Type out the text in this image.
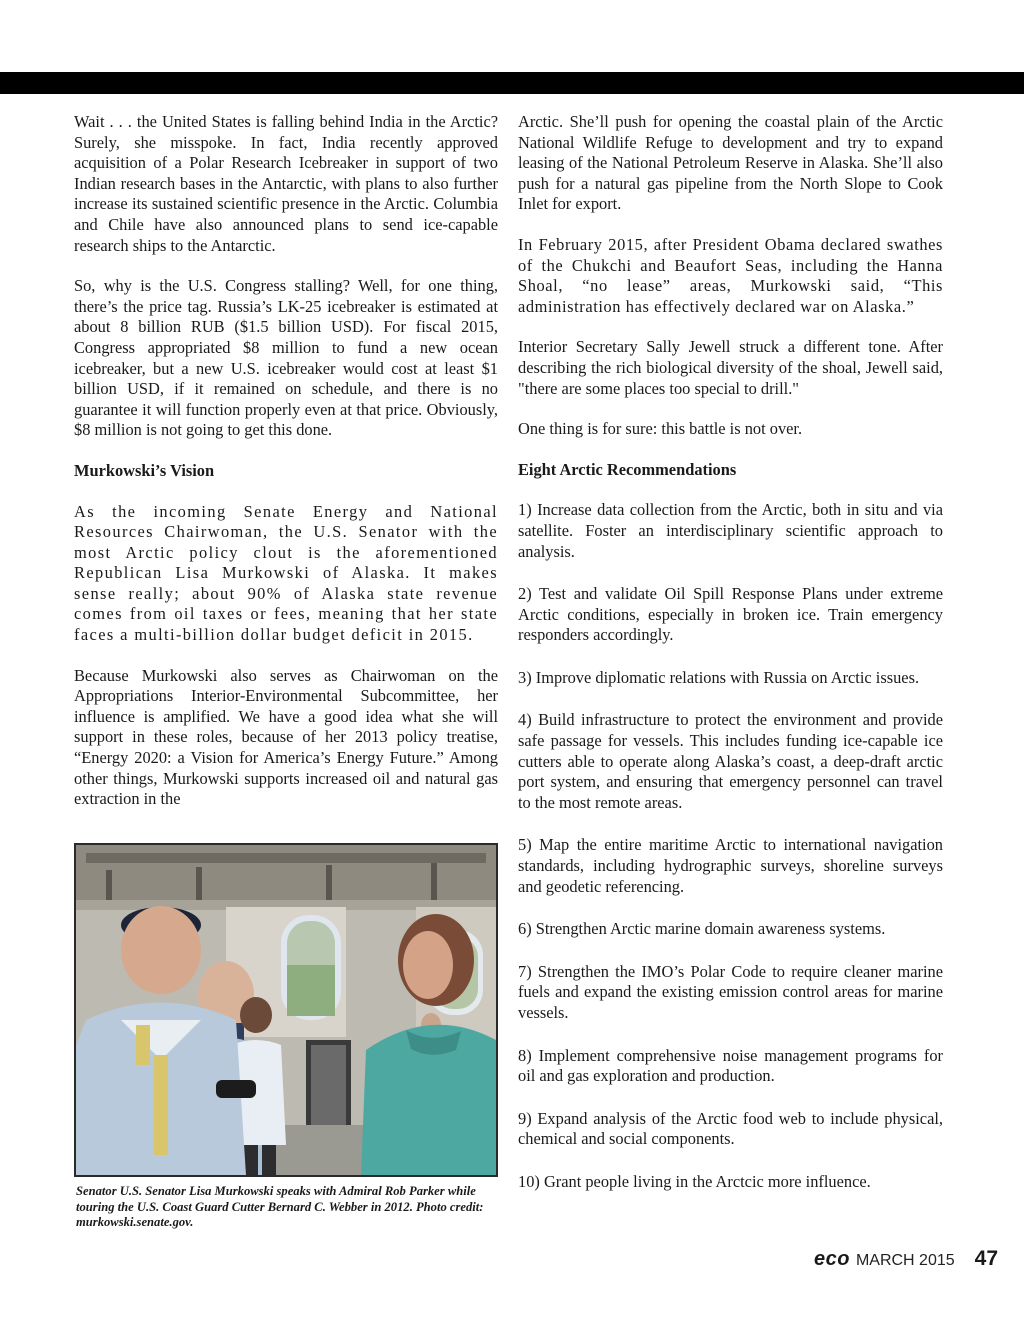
Wait . . . the United States is falling behind India in the Arctic? Surely, she misspoke. In fact, India recently approved acquisition of a Polar Research Icebreaker in support of two Indian research bases in the Antarctic, with plans to also further increase its sustained scientific presence in the Arctic. Columbia and Chile have also announced plans to send ice-capable research ships to the Antarctic.

So, why is the U.S. Congress stalling? Well, for one thing, there’s the price tag. Russia’s LK-25 icebreaker is estimated at about 8 billion RUB ($1.5 billion USD). For fiscal 2015, Congress appropriated $8 million to fund a new ocean icebreaker, but a new U.S. icebreaker would cost at least $1 billion USD, if it remained on schedule, and there is no guarantee it will function properly even at that price. Obviously, $8 million is not going to get this done.

Murkowski’s Vision

As the incoming Senate Energy and National Resources Chairwoman, the U.S. Senator with the most Arctic policy clout is the aforementioned Republican Lisa Murkowski of Alaska. It makes sense really; about 90% of Alaska state revenue comes from oil taxes or fees, meaning that her state faces a multi-billion dollar budget deficit in 2015.

Because Murkowski also serves as Chairwoman on the Appropriations Interior-Environmental Subcommittee, her influence is amplified. We have a good idea what she will support in these roles, because of her 2013 policy treatise, “Energy 2020: a Vision for America’s Energy Future.” Among other things, Murkowski supports increased oil and natural gas extraction in the

Senator U.S. Senator Lisa Murkowski speaks with Admiral Rob Parker while touring the U.S. Coast Guard Cutter Bernard C. Webber in 2012. Photo credit: murkowski.senate.gov.

Arctic. She’ll push for opening the coastal plain of the Arctic National Wildlife Refuge to development and try to expand leasing of the National Petroleum Reserve in Alaska. She’ll also push for a natural gas pipeline from the North Slope to Cook Inlet for export.

In February 2015, after President Obama declared swathes of the Chukchi and Beaufort Seas, including the Hanna Shoal, “no lease” areas, Murkowski said, “This administration has effectively declared war on Alaska.”

Interior Secretary Sally Jewell struck a different tone. After describing the rich biological diversity of the shoal, Jewell said, "there are some places too special to drill."

One thing is for sure: this battle is not over.

Eight Arctic Recommendations

1) Increase data collection from the Arctic, both in situ and via satellite. Foster an interdisciplinary scientific approach to analysis.

2) Test and validate Oil Spill Response Plans under extreme Arctic conditions, especially in broken ice. Train emergency responders accordingly.

3) Improve diplomatic relations with Russia on Arctic issues.

4) Build infrastructure to protect the environment and provide safe passage for vessels. This includes funding ice-capable ice cutters able to operate along Alaska’s coast, a deep-draft arctic port system, and ensuring that emergency personnel can travel to the most remote areas.

5) Map the entire maritime Arctic to international navigation standards, including hydrographic surveys, shoreline surveys and geodetic referencing.

6) Strengthen Arctic marine domain awareness systems.

7) Strengthen the IMO’s Polar Code to require cleaner marine fuels and expand the existing emission control areas for marine vessels.

8) Implement comprehensive noise management programs for oil and gas exploration and production.

9) Expand analysis of the Arctic food web to include physical, chemical and social components.

10) Grant people living in the Arctcic more influence.

eco MARCH 2015 47
